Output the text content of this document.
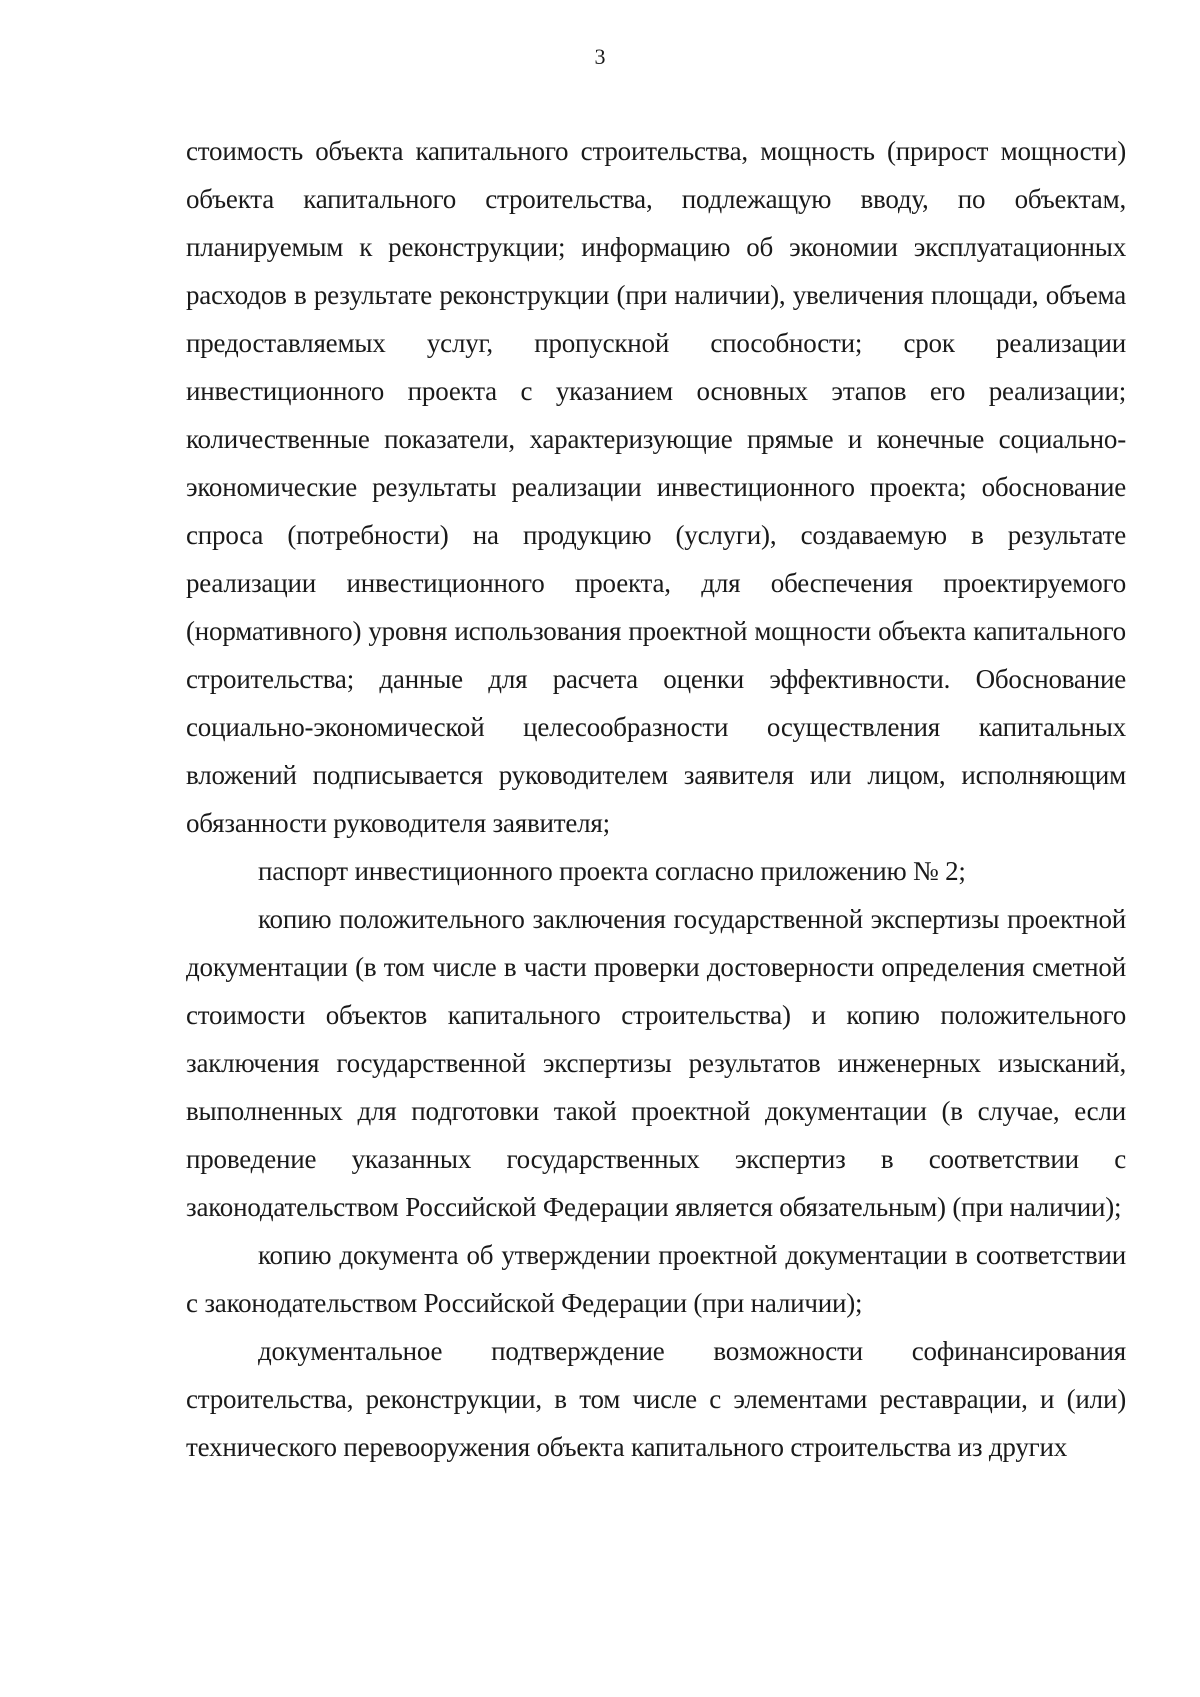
3

стоимость объекта капитального строительства, мощность (прирост мощности) объекта капитального строительства, подлежащую вводу, по объектам, планируемым к реконструкции; информацию об экономии эксплуатационных расходов в результате реконструкции (при наличии), увеличения площади, объема предоставляемых услуг, пропускной способности; срок реализации инвестиционного проекта с указанием основных этапов его реализации; количественные показатели, характеризующие прямые и конечные социально-экономические результаты реализации инвестиционного проекта; обоснование спроса (потребности) на продукцию (услуги), создаваемую в результате реализации инвестиционного проекта, для обеспечения проектируемого (нормативного) уровня использования проектной мощности объекта капитального строительства; данные для расчета оценки эффективности. Обоснование социально-экономической целесообразности осуществления капитальных вложений подписывается руководителем заявителя или лицом, исполняющим обязанности руководителя заявителя;

паспорт инвестиционного проекта согласно приложению № 2;

копию положительного заключения государственной экспертизы проектной документации (в том числе в части проверки достоверности определения сметной стоимости объектов капитального строительства) и копию положительного заключения государственной экспертизы результатов инженерных изысканий, выполненных для подготовки такой проектной документации (в случае, если проведение указанных государственных экспертиз в соответствии с законодательством Российской Федерации является обязательным) (при наличии);

копию документа об утверждении проектной документации в соответствии с законодательством Российской Федерации (при наличии);

документальное подтверждение возможности софинансирования строительства, реконструкции, в том числе с элементами реставрации, и (или) технического перевооружения объекта капитального строительства из других
